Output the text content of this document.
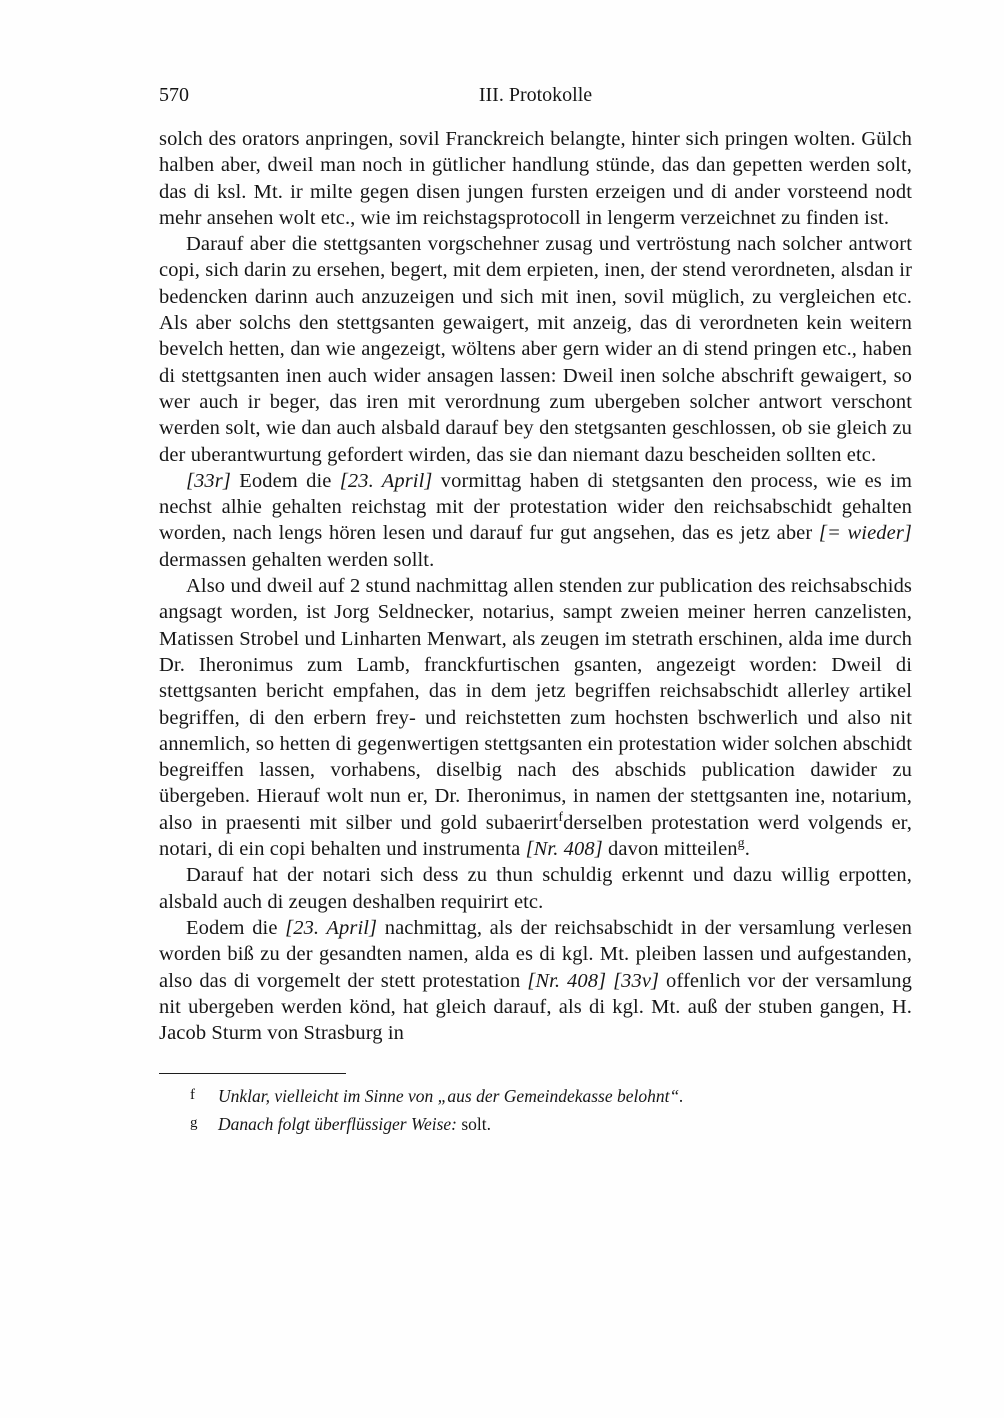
570	III. Protokolle

solch des orators anpringen, sovil Franckreich belangte, hinter sich pringen wolten. Gülch halben aber, dweil man noch in gütlicher handlung stünde, das dan gepetten werden solt, das di ksl. Mt. ir milte gegen disen jungen fursten erzeigen und di ander vorsteend nodt mehr ansehen wolt etc., wie im reichstagsprotocoll in lengerm verzeichnet zu finden ist.

Darauf aber die stettgsanten vorgschehner zusag und vertröstung nach solcher antwort copi, sich darin zu ersehen, begert, mit dem erpieten, inen, der stend verordneten, alsdan ir bedencken darinn auch anzuzeigen und sich mit inen, sovil müglich, zu vergleichen etc. Als aber solchs den stettgsanten gewaigert, mit anzeig, das di verordneten kein weitern bevelch hetten, dan wie angezeigt, wöltens aber gern wider an di stend pringen etc., haben di stettgsanten inen auch wider ansagen lassen: Dweil inen solche abschrift gewaigert, so wer auch ir beger, das iren mit verordnung zum ubergeben solcher antwort verschont werden solt, wie dan auch alsbald darauf bey den stetgsanten geschlossen, ob sie gleich zu der uberantwurtung gefordert wirden, das sie dan niemant dazu bescheiden sollten etc.

[33r] Eodem die [23. April] vormittag haben di stetgsanten den process, wie es im nechst alhie gehalten reichstag mit der protestation wider den reichsabschidt gehalten worden, nach lengs hören lesen und darauf fur gut angsehen, das es jetz aber [= wieder] dermassen gehalten werden sollt.

Also und dweil auf 2 stund nachmittag allen stenden zur publication des reichsabschids angsagt worden, ist Jorg Seldnecker, notarius, sampt zweien meiner herren canzelisten, Matissen Strobel und Linharten Menwart, als zeugen im stetrath erschinen, alda ime durch Dr. Iheronimus zum Lamb, franckfurtischen gsanten, angezeigt worden: Dweil di stettgsanten bericht empfahen, das in dem jetz begriffen reichsabschidt allerley artikel begriffen, di den erbern frey- und reichstetten zum hochsten bschwerlich und also nit annemlich, so hetten di gegenwertigen stettgsanten ein protestation wider solchen abschidt begreiffen lassen, vorhabens, diselbig nach des abschids publication dawider zu übergeben. Hierauf wolt nun er, Dr. Iheronimus, in namen der stettgsanten ine, notarium, also in praesenti mit silber und gold subaerirt$^f$derselben protestation werd volgends er, notari, di ein copi behalten und instrumenta [Nr. 408] davon mitteilen$^g$.

Darauf hat der notari sich dess zu thun schuldig erkennt und dazu willig erpotten, alsbald auch di zeugen deshalben requirirt etc.

Eodem die [23. April] nachmittag, als der reichsabschidt in der versamlung verlesen worden biß zu der gesandten namen, alda es di kgl. Mt. pleiben lassen und aufgestanden, also das di vorgemelt der stett protestation [Nr. 408] [33v] offenlich vor der versamlung nit ubergeben werden könd, hat gleich darauf, als di kgl. Mt. auß der stuben gangen, H. Jacob Sturm von Strasburg in

f	Unklar, vielleicht im Sinne von „aus der Gemeindekasse belohnt“.
g	Danach folgt überflüssiger Weise: solt.
